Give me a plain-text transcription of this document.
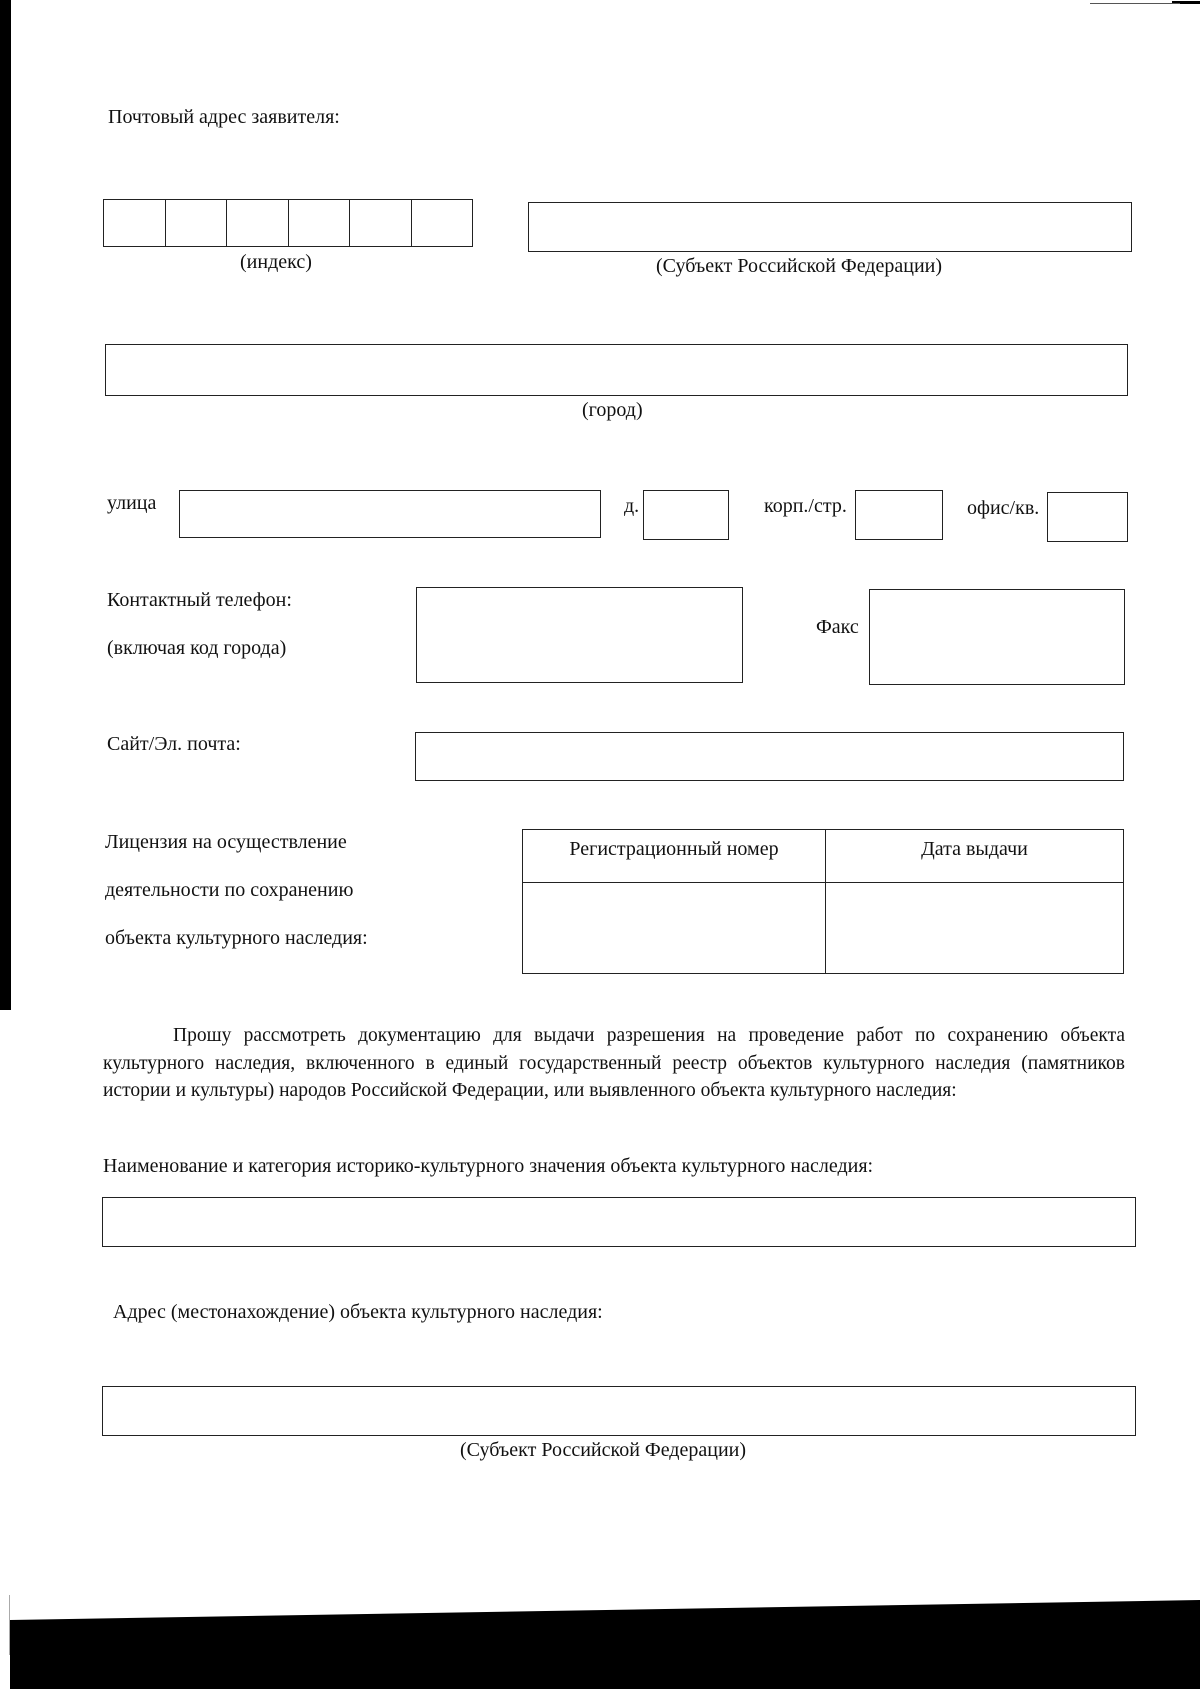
Почтовый адрес заявителя:
(индекс)	(Субъект Российской Федерации)
(город)
улица	д.	корп./стр.	офис/кв.
Контактный телефон:
(включая код города)
Факс
Сайт/Эл. почта:
Лицензия на осуществление
деятельности по сохранению
объекта культурного наследия:
Регистрационный номер	Дата выдачи

Прошу рассмотреть документацию для выдачи разрешения на проведение работ по сохранению объекта культурного наследия, включенного в единый государственный реестр объектов культурного наследия (памятников истории и культуры) народов Российской Федерации, или выявленного объекта культурного наследия:
Наименование и категория историко-культурного значения объекта культурного наследия:
Адрес (местонахождение) объекта культурного наследия:
(Субъект Российской Федерации)
